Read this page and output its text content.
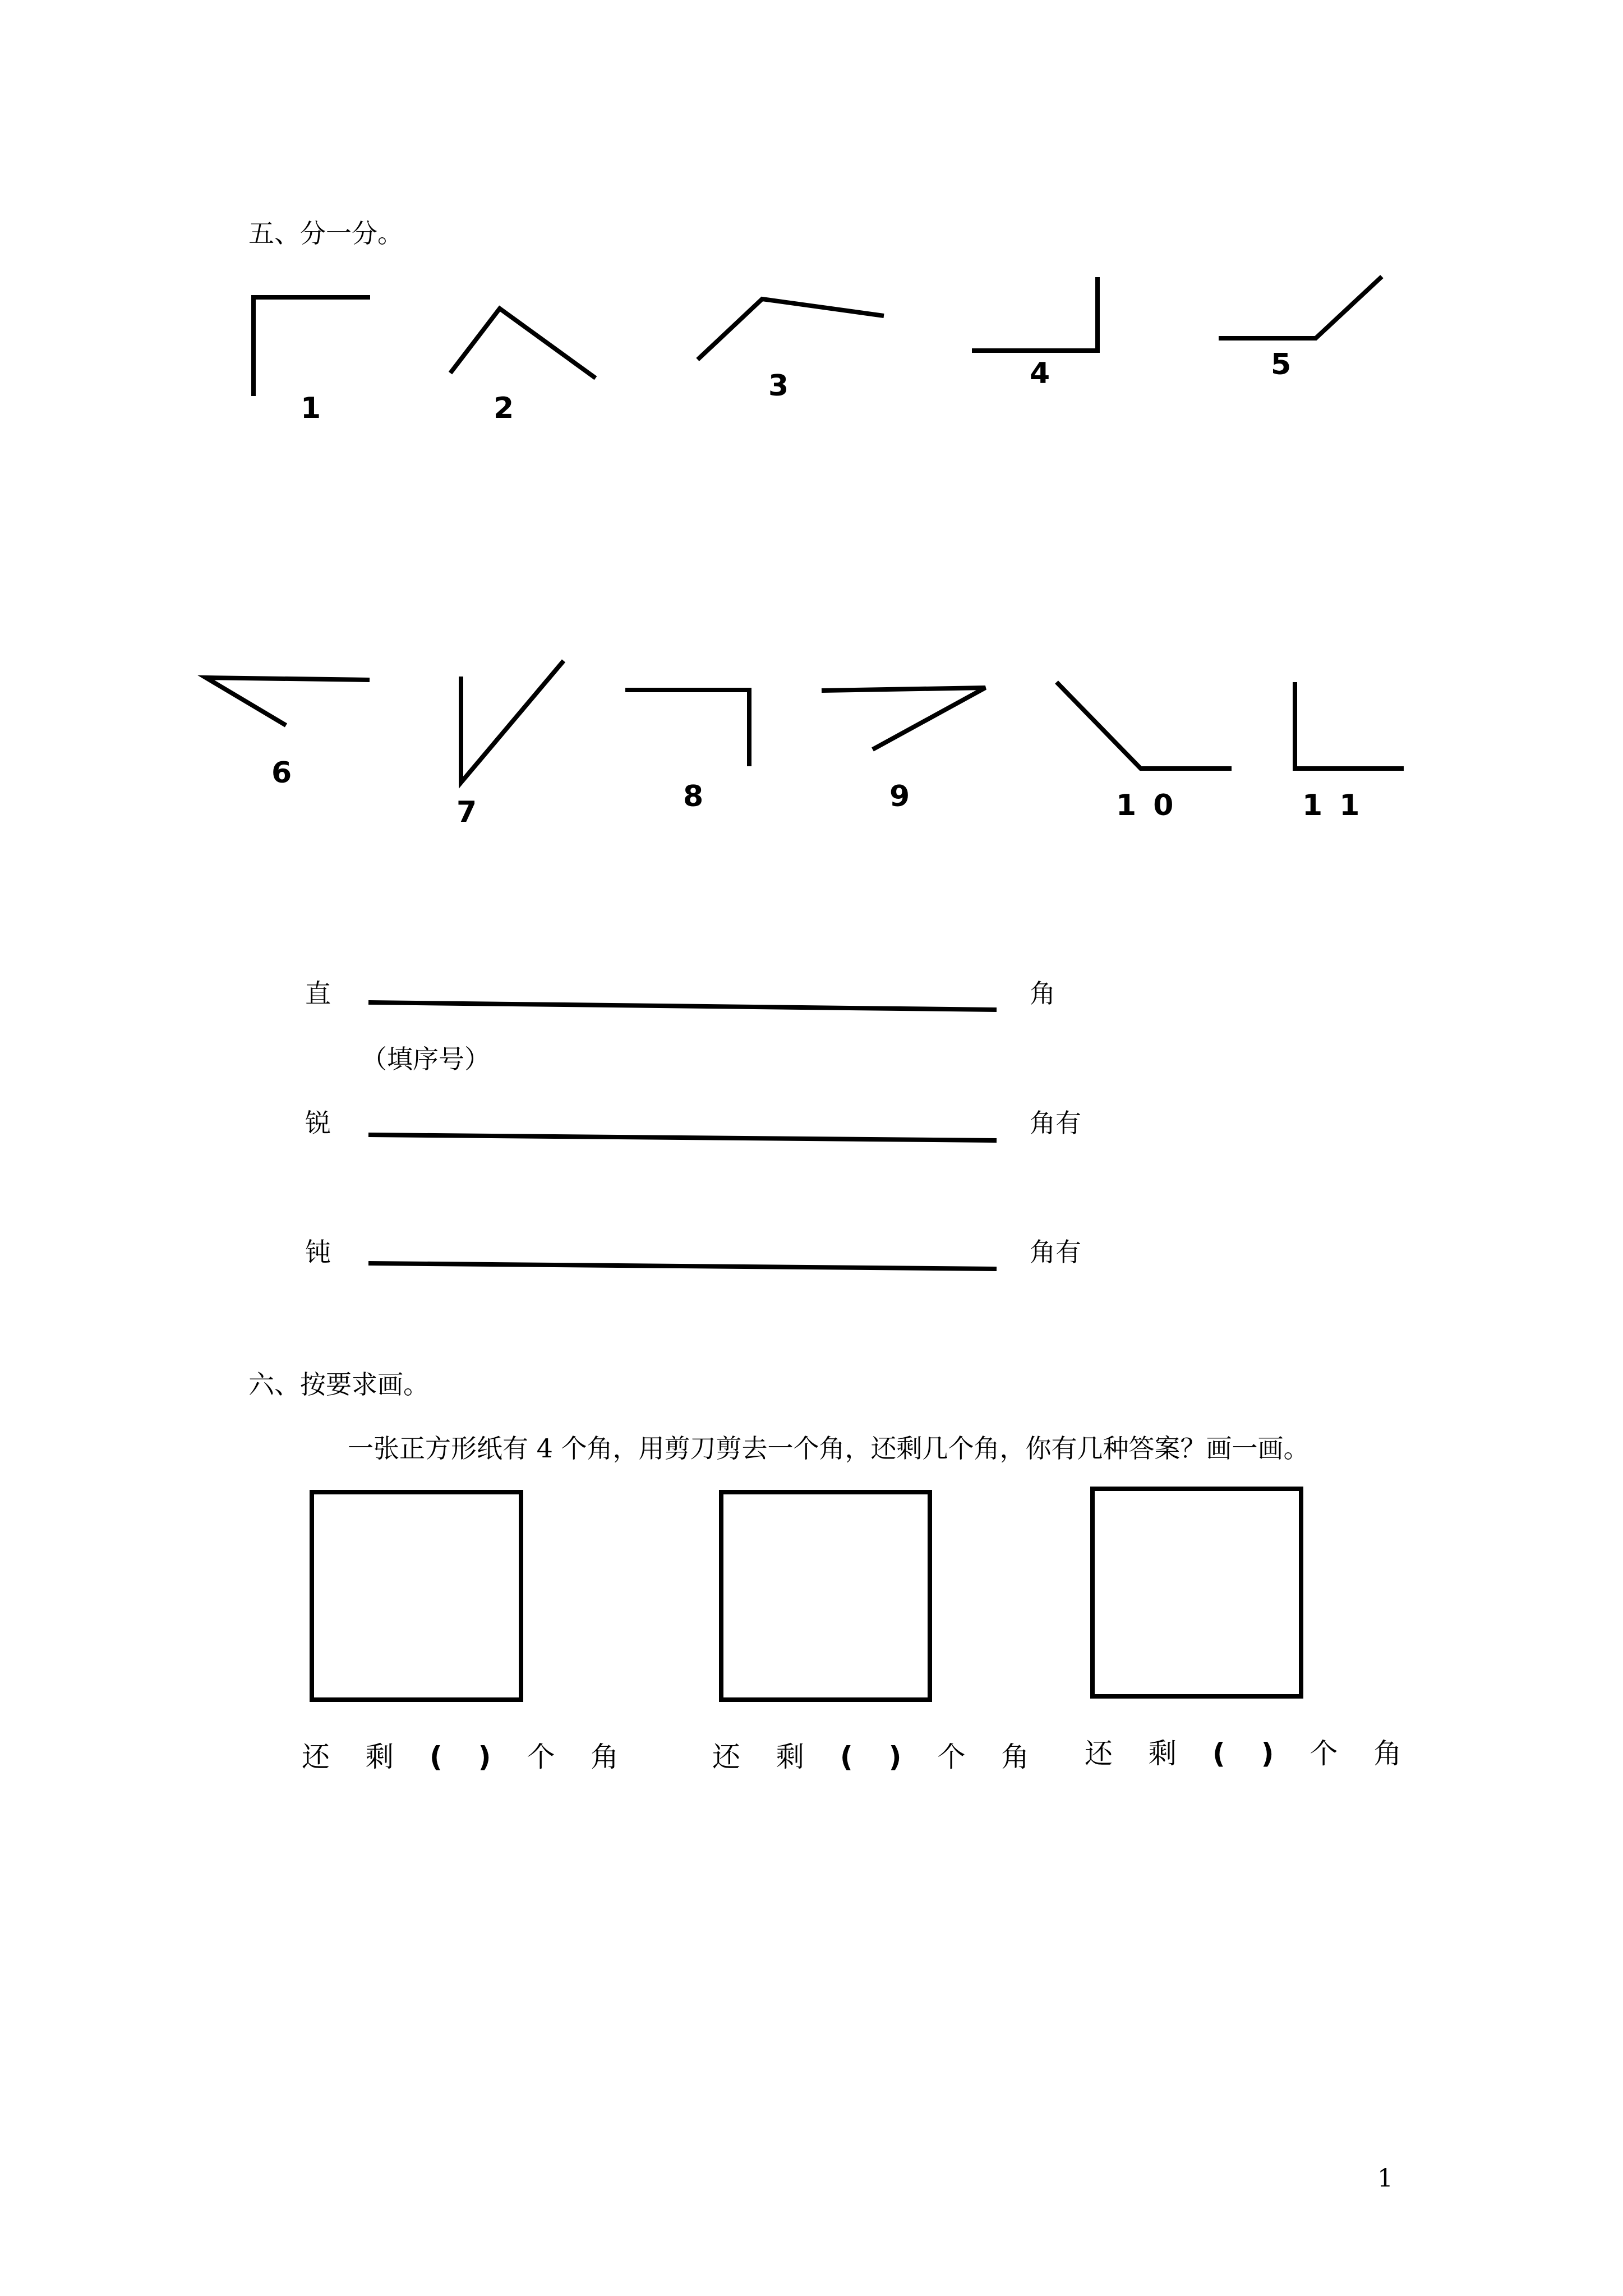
五、分一分。
1	2
3	4	5
6
7	8	9	1 0	1 1
直	角
（填序号）
锐	角有
钝	角有
六、按要求画。
一张正方形纸有 4 个角，用剪刀剪去一个角，还剩几个角，你有几种答案？画一画。
还 剩 ( ) 个 角	还 剩 ( ) 个 角 还 剩 ( ) 个 角
1
